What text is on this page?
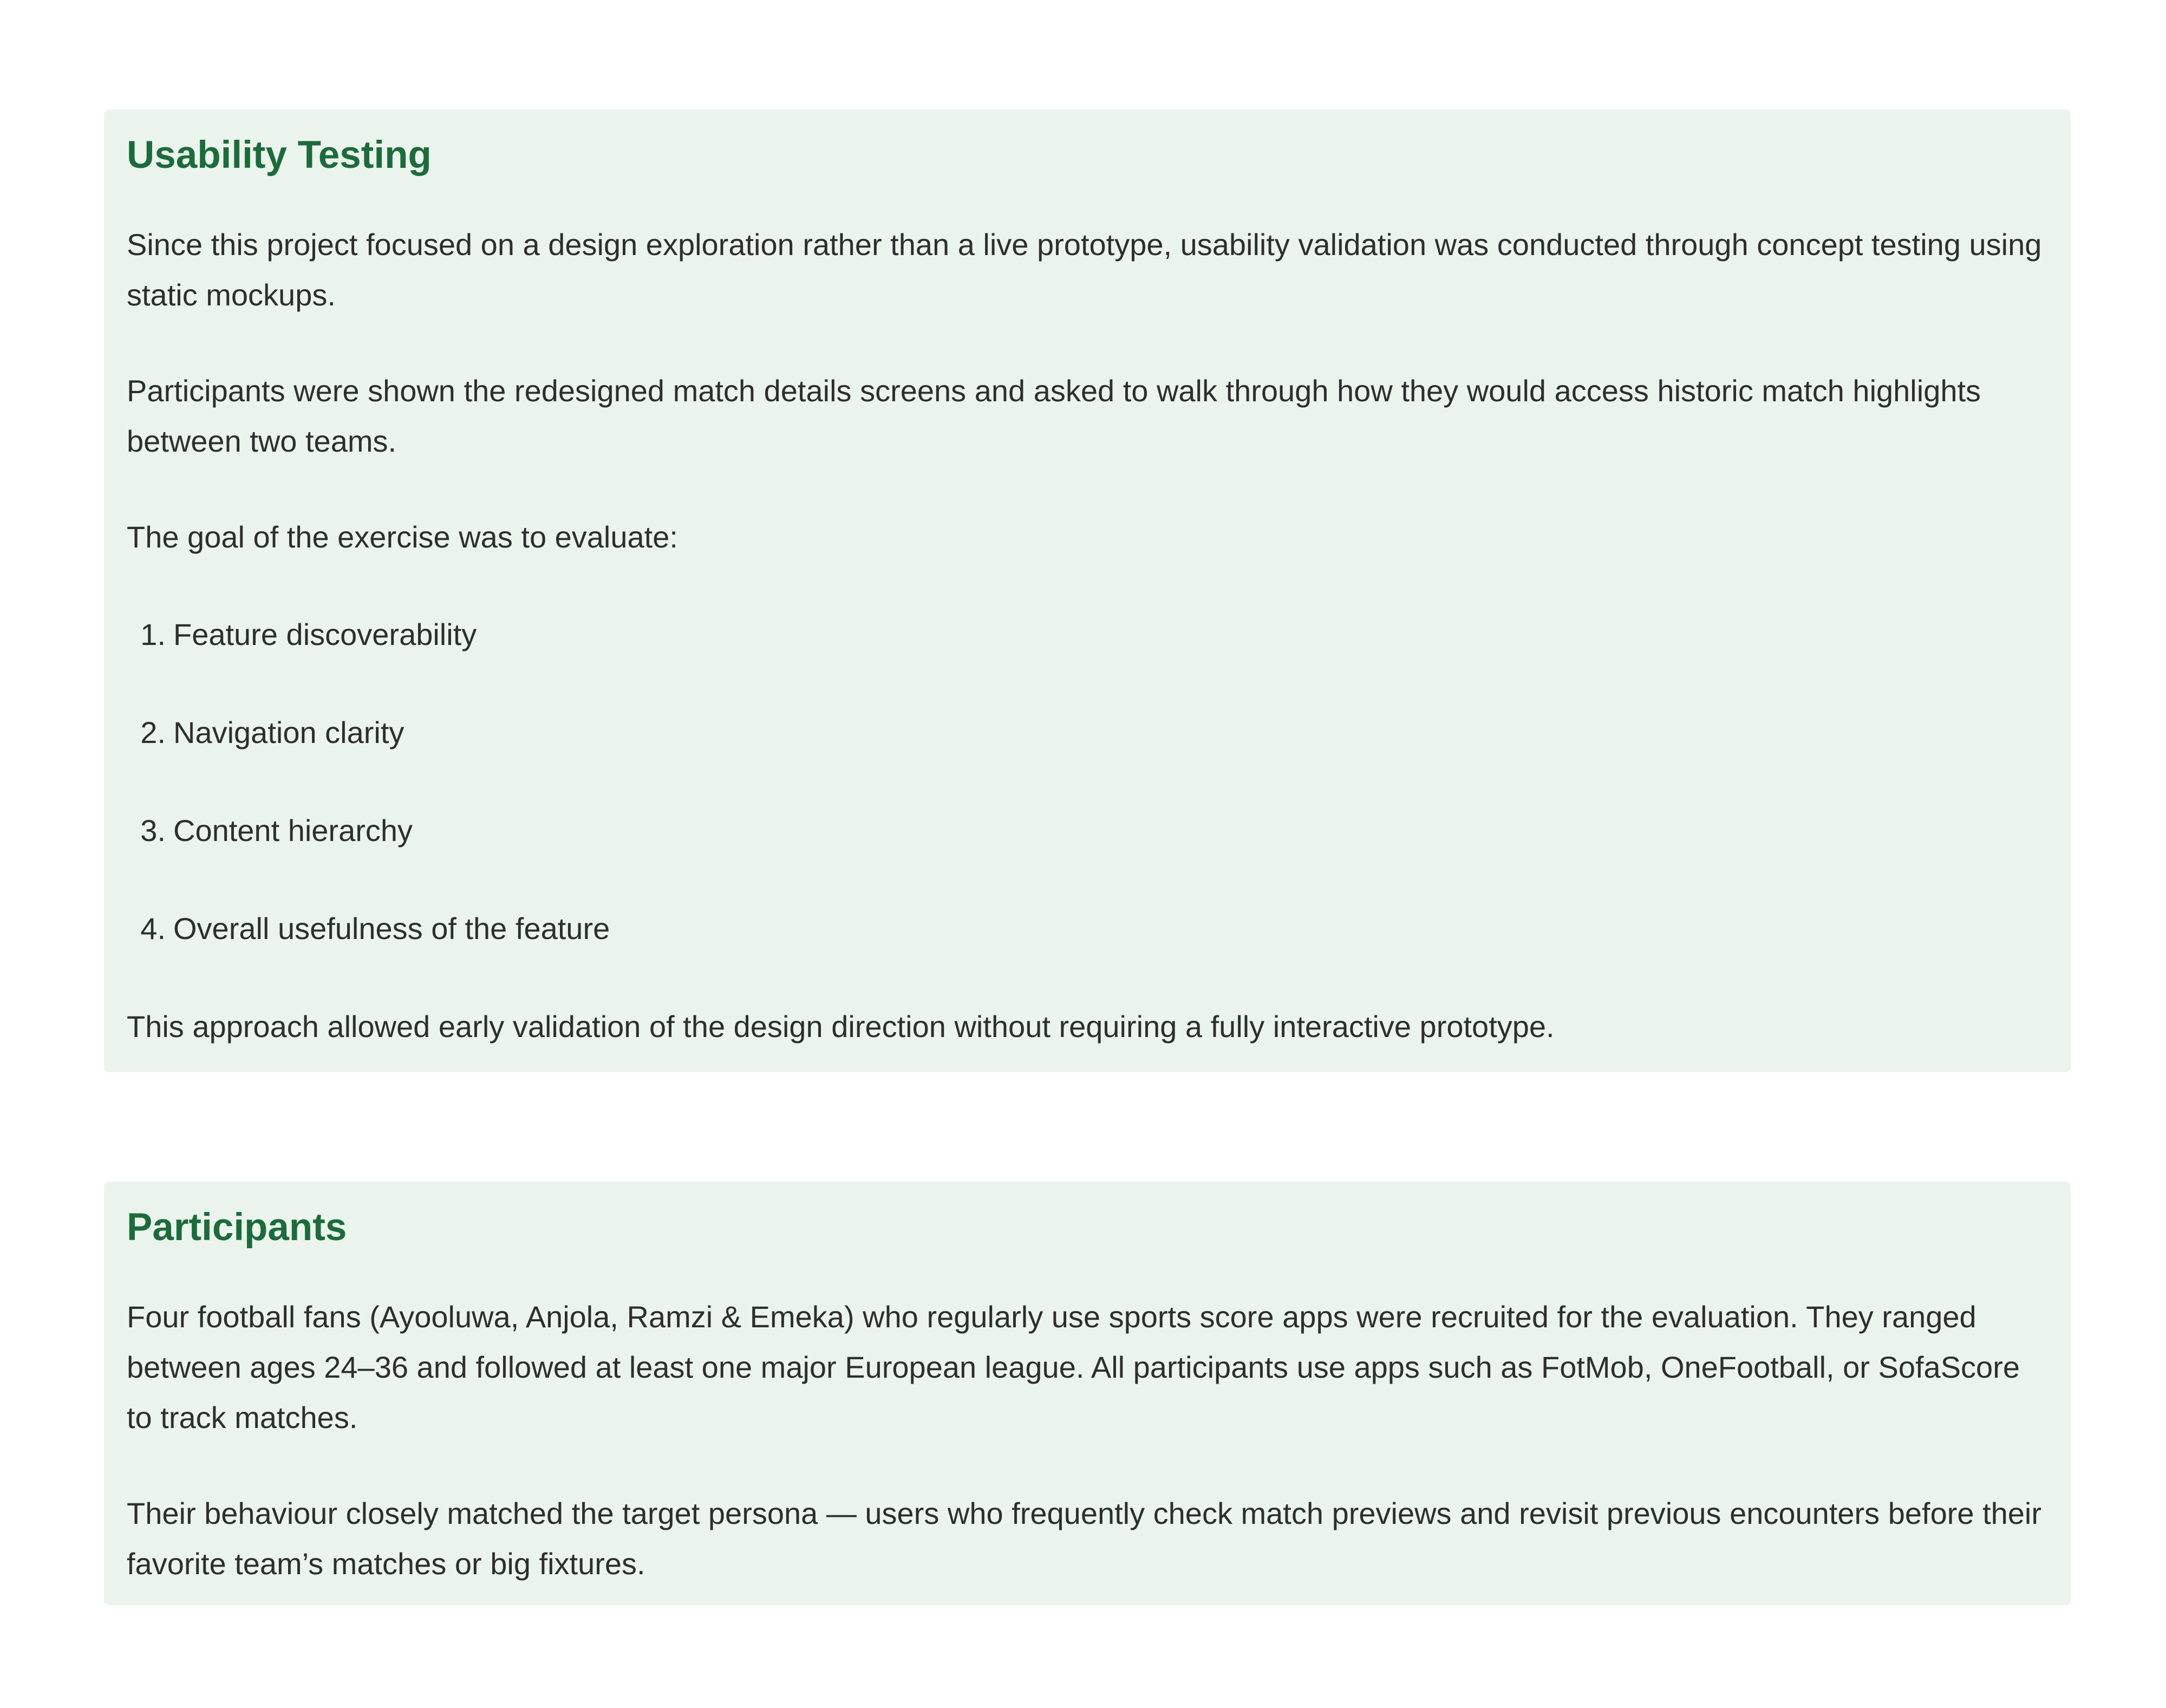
Usability Testing

Since this project focused on a design exploration rather than a live prototype, usability validation was conducted through concept testing using static mockups.

Participants were shown the redesigned match details screens and asked to walk through how they would access historic match highlights between two teams.

The goal of the exercise was to evaluate:

1. Feature discoverability
2. Navigation clarity
3. Content hierarchy
4. Overall usefulness of the feature

This approach allowed early validation of the design direction without requiring a fully interactive prototype.

Participants

Four football fans (Ayooluwa, Anjola, Ramzi & Emeka) who regularly use sports score apps were recruited for the evaluation. They ranged between ages 24–36 and followed at least one major European league. All participants use apps such as FotMob, OneFootball, or SofaScore to track matches.

Their behaviour closely matched the target persona — users who frequently check match previews and revisit previous encounters before their favorite team’s matches or big fixtures.
